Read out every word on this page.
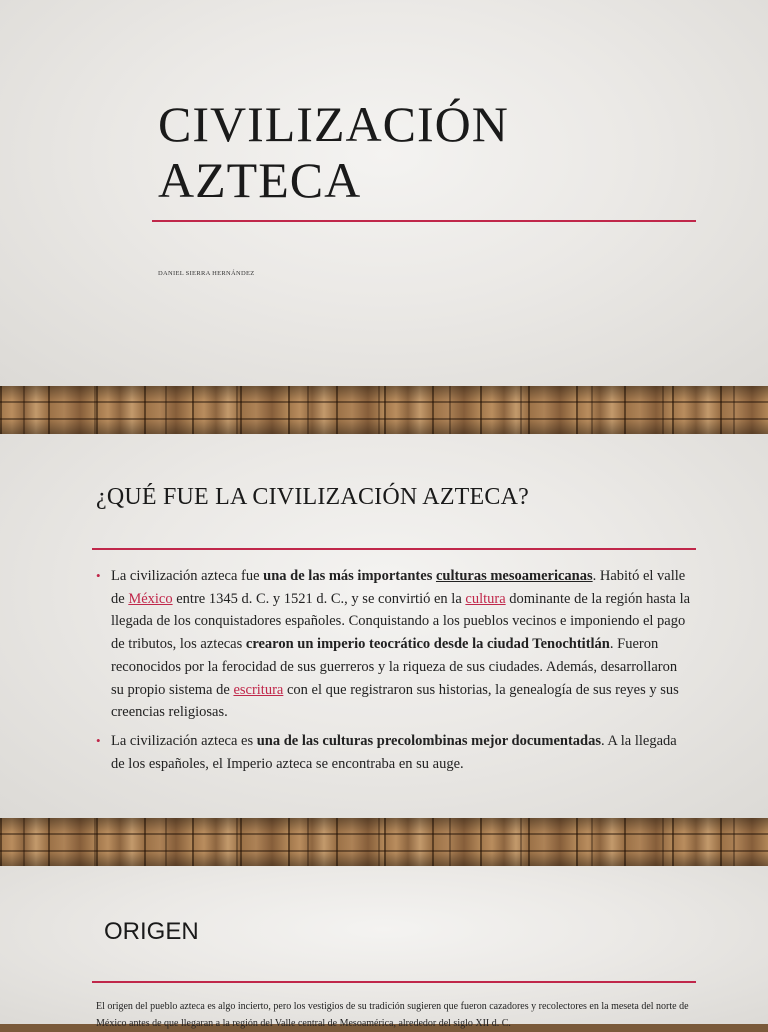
CIVILIZACIÓN
AZTECA
DANIEL SIERRA HERNÁNDEZ
¿QUÉ FUE LA CIVILIZACIÓN AZTECA?
• La civilización azteca fue una de las más importantes culturas mesoamericanas. Habitó el valle de México entre 1345 d. C. y 1521 d. C., y se convirtió en la cultura dominante de la región hasta la llegada de los conquistadores españoles. Conquistando a los pueblos vecinos e imponiendo el pago de tributos, los aztecas crearon un imperio teocrático desde la ciudad Tenochtitlán. Fueron reconocidos por la ferocidad de sus guerreros y la riqueza de sus ciudades. Además, desarrollaron su propio sistema de escritura con el que registraron sus historias, la genealogía de sus reyes y sus creencias religiosas.
• La civilización azteca es una de las culturas precolombinas mejor documentadas. A la llegada de los españoles, el Imperio azteca se encontraba en su auge.
ORIGEN
El origen del pueblo azteca es algo incierto, pero los vestigios de su tradición sugieren que fueron cazadores y recolectores en la meseta del norte de México antes de que llegaran a la región del Valle central de Mesoamérica, alrededor del siglo XII d. C.
